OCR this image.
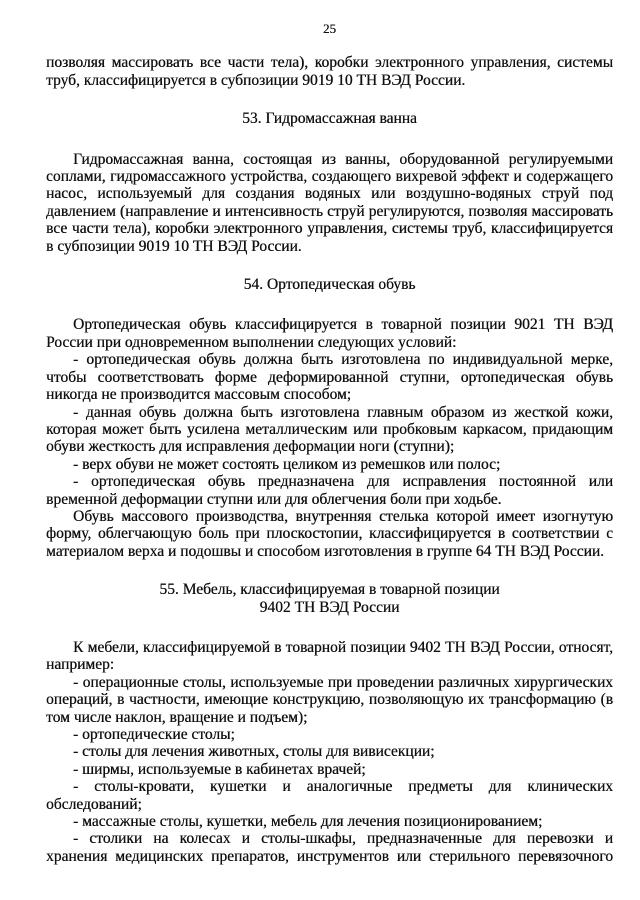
25

позволяя массировать все части тела), коробки электронного управления, системы труб, классифицируется в субпозиции 9019 10 ТН ВЭД России.

53. Гидромассажная ванна

Гидромассажная ванна, состоящая из ванны, оборудованной регулируемыми соплами, гидромассажного устройства, создающего вихревой эффект и содержащего насос, используемый для создания водяных или воздушно-водяных струй под давлением (направление и интенсивность струй регулируются, позволяя массировать все части тела), коробки электронного управления, системы труб, классифицируется в субпозиции 9019 10 ТН ВЭД России.

54. Ортопедическая обувь

Ортопедическая обувь классифицируется в товарной позиции 9021 ТН ВЭД России при одновременном выполнении следующих условий:

- ортопедическая обувь должна быть изготовлена по индивидуальной мерке, чтобы соответствовать форме деформированной ступни, ортопедическая обувь никогда не производится массовым способом;

- данная обувь должна быть изготовлена главным образом из жесткой кожи, которая может быть усилена металлическим или пробковым каркасом, придающим обуви жесткость для исправления деформации ноги (ступни);

- верх обуви не может состоять целиком из ремешков или полос;

- ортопедическая обувь предназначена для исправления постоянной или временной деформации ступни или для облегчения боли при ходьбе.

Обувь массового производства, внутренняя стелька которой имеет изогнутую форму, облегчающую боль при плоскостопии, классифицируется в соответствии с материалом верха и подошвы и способом изготовления в группе 64 ТН ВЭД России.

55. Мебель, классифицируемая в товарной позиции
9402 ТН ВЭД России

К мебели, классифицируемой в товарной позиции 9402 ТН ВЭД России, относят, например:

- операционные столы, используемые при проведении различных хирургических операций, в частности, имеющие конструкцию, позволяющую их трансформацию (в том числе наклон, вращение и подъем);

- ортопедические столы;

- столы для лечения животных, столы для вивисекции;

- ширмы, используемые в кабинетах врачей;

- столы-кровати, кушетки и аналогичные предметы для клинических обследований;

- массажные столы, кушетки, мебель для лечения позиционированием;

- столики на колесах и столы-шкафы, предназначенные для перевозки и хранения медицинских препаратов, инструментов или стерильного перевязочного
